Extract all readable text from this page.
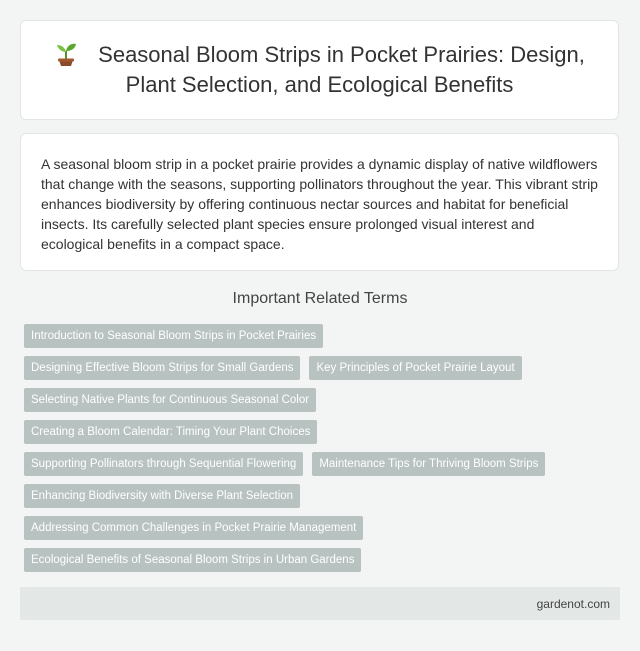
Seasonal Bloom Strips in Pocket Prairies: Design, Plant Selection, and Ecological Benefits

A seasonal bloom strip in a pocket prairie provides a dynamic display of native wildflowers that change with the seasons, supporting pollinators throughout the year. This vibrant strip enhances biodiversity by offering continuous nectar sources and habitat for beneficial insects. Its carefully selected plant species ensure prolonged visual interest and ecological benefits in a compact space.

Important Related Terms
Introduction to Seasonal Bloom Strips in Pocket Prairies
Designing Effective Bloom Strips for Small Gardens	Key Principles of Pocket Prairie Layout
Selecting Native Plants for Continuous Seasonal Color
Creating a Bloom Calendar: Timing Your Plant Choices
Supporting Pollinators through Sequential Flowering	Maintenance Tips for Thriving Bloom Strips
Enhancing Biodiversity with Diverse Plant Selection
Addressing Common Challenges in Pocket Prairie Management
Ecological Benefits of Seasonal Bloom Strips in Urban Gardens
gardenot.com
